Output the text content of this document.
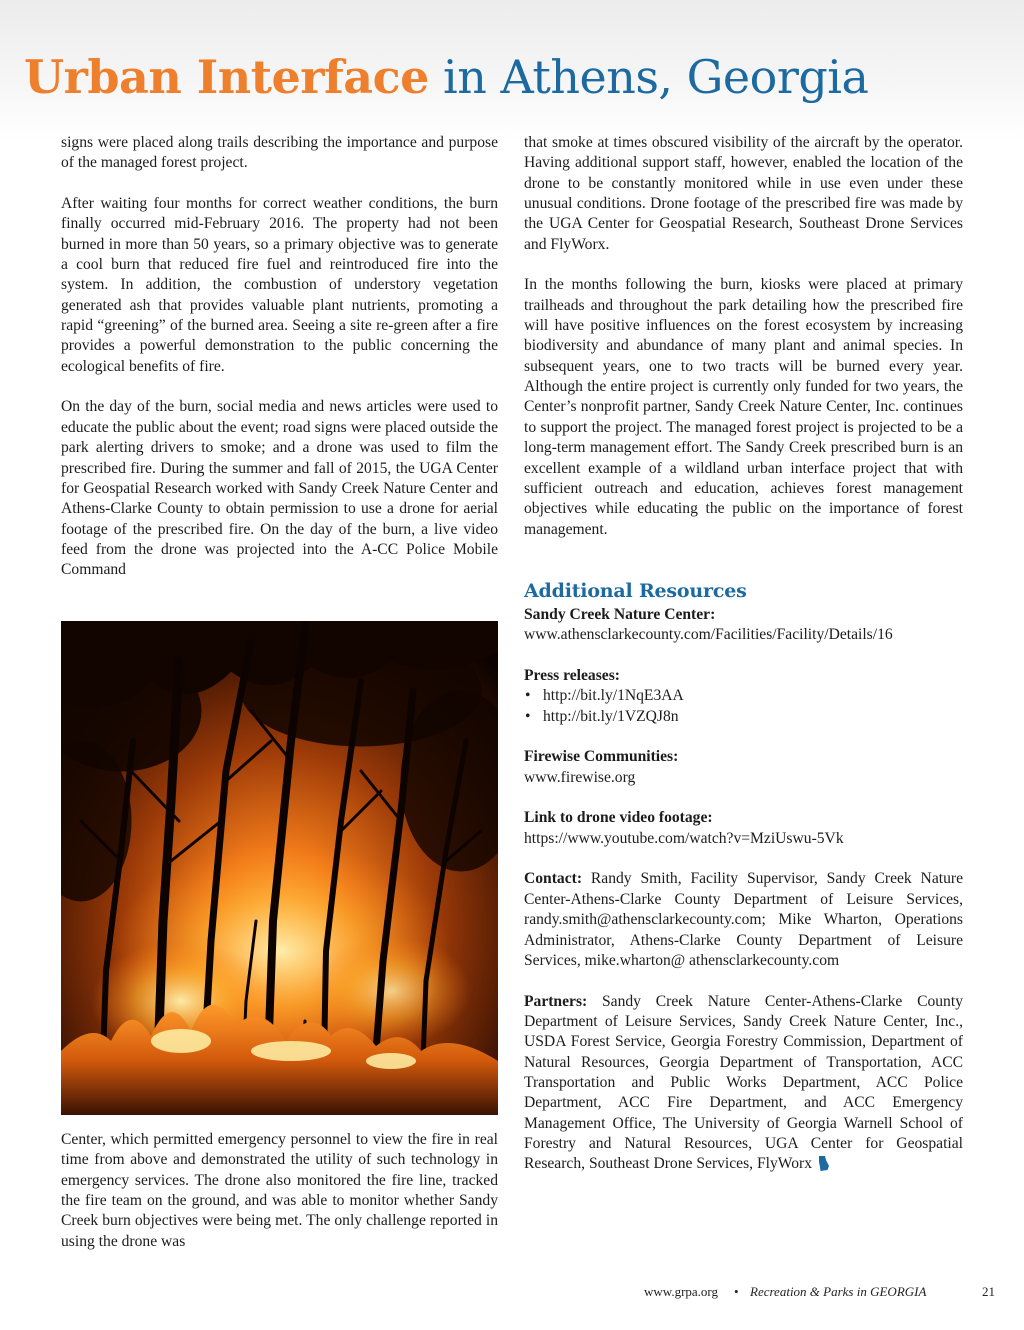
Urban Interface in Athens, Georgia

signs were placed along trails describing the importance and purpose of the managed forest project.

After waiting four months for correct weather conditions, the burn finally occurred mid-February 2016. The property had not been burned in more than 50 years, so a primary objective was to generate a cool burn that reduced fire fuel and reintroduced fire into the system. In addition, the combustion of understory vegetation generated ash that provides valuable plant nutrients, promoting a rapid “greening” of the burned area. Seeing a site re-green after a fire provides a powerful demonstration to the public concerning the ecological benefits of fire.

On the day of the burn, social media and news articles were used to educate the public about the event; road signs were placed outside the park alerting drivers to smoke; and a drone was used to film the prescribed fire. During the summer and fall of 2015, the UGA Center for Geospatial Research worked with Sandy Creek Nature Center and Athens-Clarke County to obtain permission to use a drone for aerial footage of the prescribed fire. On the day of the burn, a live video feed from the drone was projected into the A-CC Police Mobile Command

Center, which permitted emergency personnel to view the fire in real time from above and demonstrated the utility of such technology in emergency services. The drone also monitored the fire line, tracked the fire team on the ground, and was able to monitor whether Sandy Creek burn objectives were being met. The only challenge reported in using the drone was

that smoke at times obscured visibility of the aircraft by the operator. Having additional support staff, however, enabled the location of the drone to be constantly monitored while in use even under these unusual conditions. Drone footage of the prescribed fire was made by the UGA Center for Geospatial Research, Southeast Drone Services and FlyWorx.

In the months following the burn, kiosks were placed at primary trailheads and throughout the park detailing how the prescribed fire will have positive influences on the forest ecosystem by increasing biodiversity and abundance of many plant and animal species. In subsequent years, one to two tracts will be burned every year. Although the entire project is currently only funded for two years, the Center’s nonprofit partner, Sandy Creek Nature Center, Inc. continues to support the project. The managed forest project is projected to be a long-term management effort. The Sandy Creek prescribed burn is an excellent example of a wildland urban interface project that with sufficient outreach and education, achieves forest management objectives while educating the public on the importance of forest management.

Additional Resources
Sandy Creek Nature Center:
www.athensclarkecounty.com/Facilities/Facility/Details/16
Press releases:
• http://bit.ly/1NqE3AA
• http://bit.ly/1VZQJ8n
Firewise Communities:
www.firewise.org
Link to drone video footage:
https://www.youtube.com/watch?v=MziUswu-5Vk
Contact: Randy Smith, Facility Supervisor, Sandy Creek Nature Center-Athens-Clarke County Department of Leisure Services, randy.smith@athensclarkecounty.com; Mike Wharton, Operations Administrator, Athens-Clarke County Department of Leisure Services, mike.wharton@ athensclarkecounty.com
Partners: Sandy Creek Nature Center-Athens-Clarke County Department of Leisure Services, Sandy Creek Nature Center, Inc., USDA Forest Service, Georgia Forestry Commission, Department of Natural Resources, Georgia Department of Transportation, ACC Transportation and Public Works Department, ACC Police Department, ACC Fire Department, and ACC Emergency Management Office, The University of Georgia Warnell School of Forestry and Natural Resources, UGA Center for Geospatial Research, Southeast Drone Services, FlyWorx
www.grpa.org • Recreation & Parks in GEORGIA	21
